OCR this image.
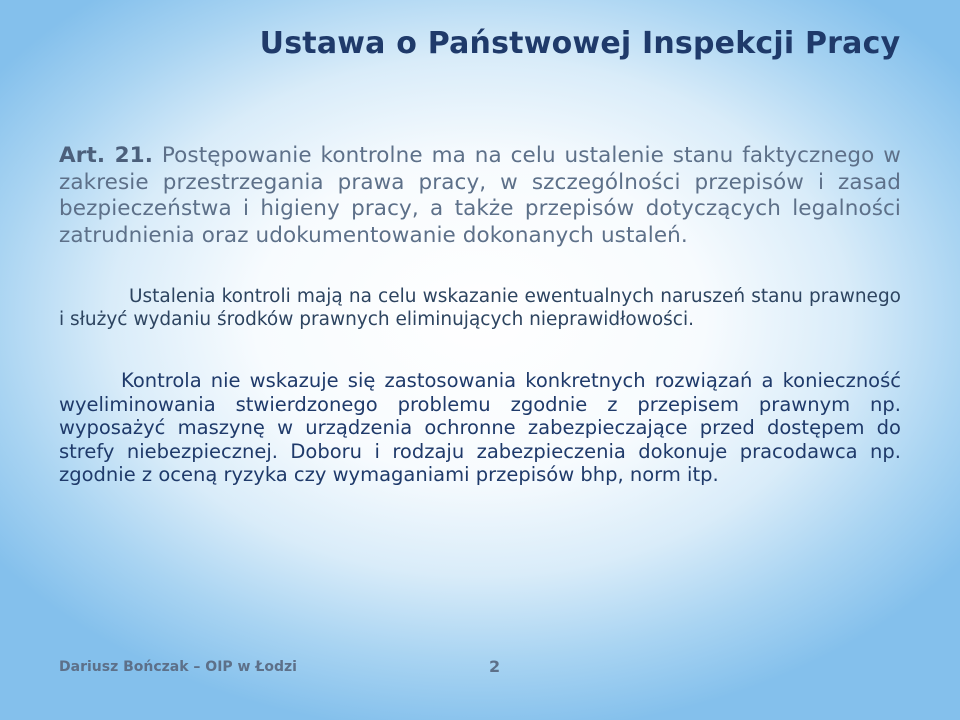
Ustawa o Państwowej Inspekcji Pracy

Art. 21. Postępowanie kontrolne ma na celu ustalenie stanu faktycznego w zakresie przestrzegania prawa pracy, w szczególności przepisów i zasad bezpieczeństwa i higieny pracy, a także przepisów dotyczących legalności zatrudnienia oraz udokumentowanie dokonanych ustaleń.

Ustalenia kontroli mają na celu wskazanie ewentualnych naruszeń stanu prawnego i służyć wydaniu środków prawnych eliminujących nieprawidłowości.

Kontrola nie wskazuje się zastosowania konkretnych rozwiązań a konieczność wyeliminowania stwierdzonego problemu zgodnie z przepisem prawnym np. wyposażyć maszynę w urządzenia ochronne zabezpieczające przed dostępem do strefy niebezpiecznej. Doboru i rodzaju zabezpieczenia dokonuje pracodawca np. zgodnie z oceną ryzyka czy wymaganiami przepisów bhp, norm itp.

Dariusz Bończak – OIP w Łodzi	2
